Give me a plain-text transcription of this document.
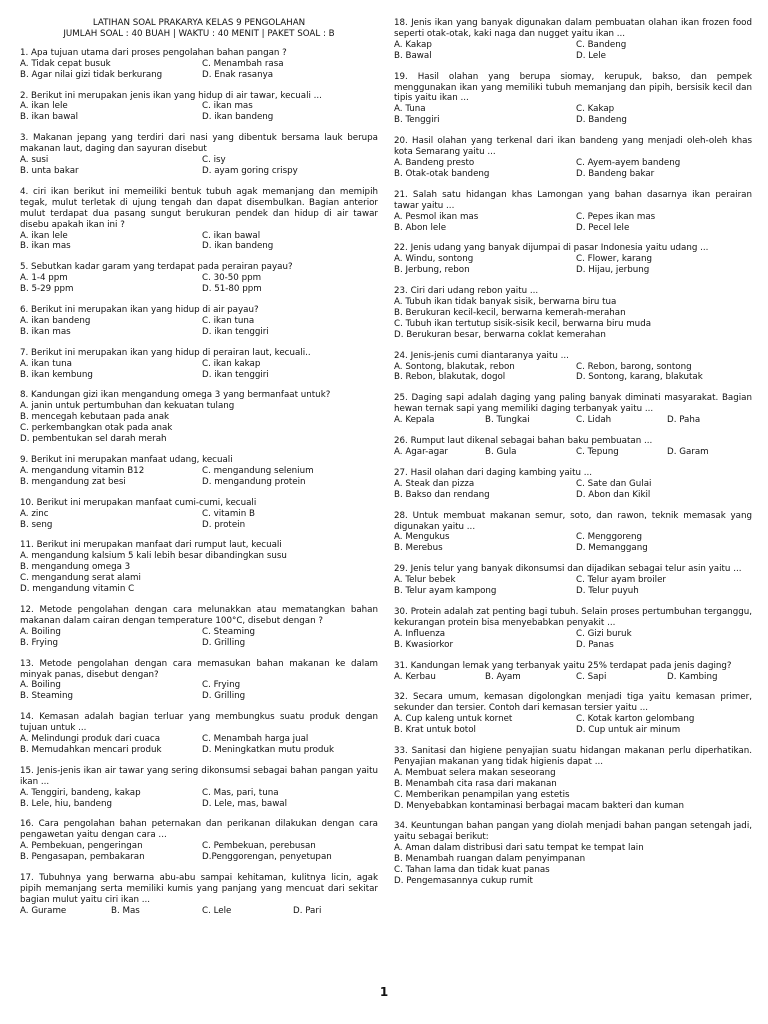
LATIHAN SOAL PRAKARYA KELAS 9 PENGOLAHAN
JUMLAH SOAL : 40 BUAH | WAKTU : 40 MENIT | PAKET SOAL : B
1. Apa tujuan utama dari proses pengolahan bahan pangan ?
A. Tidak cepat busuk	C. Menambah rasa
B. Agar nilai gizi tidak berkurang	D. Enak rasanya
2. Berikut ini merupakan jenis ikan yang hidup di air tawar, kecuali ...
A. ikan lele	C. ikan mas
B. ikan bawal	D. ikan bandeng
3. Makanan jepang yang terdiri dari nasi yang dibentuk bersama lauk berupa makanan laut, daging dan sayuran disebut
A. susi	C. isy
B. unta bakar	D. ayam goring crispy
4. ciri ikan berikut ini memeiliki bentuk tubuh agak memanjang dan memipih tegak, mulut terletak di ujung tengah dan dapat disembulkan. Bagian anterior mulut terdapat dua pasang sungut berukuran pendek dan hidup di air tawar disebu apakah ikan ini ?
A. ikan lele	C. ikan bawal
B. ikan mas	D. ikan bandeng
5. Sebutkan kadar garam yang terdapat pada perairan payau?
A. 1-4 ppm	C. 30-50 ppm
B. 5-29 ppm	D. 51-80 ppm
6. Berikut ini merupakan ikan yang hidup di air payau?
A. ikan bandeng	C. ikan tuna
B. ikan mas	D. ikan tenggiri
7. Berikut ini merupakan ikan yang hidup di perairan laut, kecuali..
A. ikan tuna	C. ikan kakap
B. ikan kembung	D. ikan tenggiri
8. Kandungan gizi ikan mengandung omega 3 yang bermanfaat untuk?
A. janin untuk pertumbuhan dan kekuatan tulang
B. mencegah kebutaan pada anak
C. perkembangkan otak pada anak
D. pembentukan sel darah merah
9. Berikut ini merupakan manfaat udang, kecuali
A. mengandung vitamin B12	C. mengandung selenium
B. mengandung zat besi	D. mengandung protein
10. Berikut ini merupakan manfaat cumi-cumi, kecuali
A. zinc	C. vitamin B
B. seng	D. protein
11. Berikut ini merupakan manfaat dari rumput laut, kecuali
A. mengandung kalsium 5 kali lebih besar dibandingkan susu
B. mengandung omega 3
C. mengandung serat alami
D. mengandung vitamin C
12. Metode pengolahan dengan cara melunakkan atau mematangkan bahan makanan dalam cairan dengan temperature 100°C, disebut dengan ?
A. Boiling	C. Steaming
B. Frying	D. Grilling
13. Metode pengolahan dengan cara memasukan bahan makanan ke dalam minyak panas, disebut dengan?
A. Boiling	C. Frying
B. Steaming	D. Grilling
14. Kemasan adalah bagian terluar yang membungkus suatu produk dengan tujuan untuk ...
A. Melindungi produk dari cuaca	C. Menambah harga jual
B. Memudahkan mencari produk	D. Meningkatkan mutu produk
15. Jenis-jenis ikan air tawar yang sering dikonsumsi sebagai bahan pangan yaitu ikan ...
A. Tenggiri, bandeng, kakap	C. Mas, pari, tuna
B. Lele, hiu, bandeng	D. Lele, mas, bawal
16. Cara pengolahan bahan peternakan dan perikanan dilakukan dengan cara pengawetan yaitu dengan cara ...
A. Pembekuan, pengeringan	C. Pembekuan, perebusan
B. Pengasapan, pembakaran	D.Penggorengan, penyetupan
17. Tubuhnya yang berwarna abu-abu sampai kehitaman, kulitnya licin, agak pipih memanjang serta memiliki kumis yang panjang yang mencuat dari sekitar bagian mulut yaitu ciri ikan ...
A. Gurame	B. Mas	C. Lele	D. Pari
18. Jenis ikan yang banyak digunakan dalam pembuatan olahan ikan frozen food seperti otak-otak, kaki naga dan nugget yaitu ikan ...
A. Kakap	C. Bandeng
B. Bawal	D. Lele
19. Hasil olahan yang berupa siomay, kerupuk, bakso, dan pempek menggunakan ikan yang memiliki tubuh memanjang dan pipih, bersisik kecil dan tipis yaitu ikan ...
A. Tuna	C. Kakap
B. Tenggiri	D. Bandeng
20. Hasil olahan yang terkenal dari ikan bandeng yang menjadi oleh-oleh khas kota Semarang yaitu ...
A. Bandeng presto	C. Ayem-ayem bandeng
B. Otak-otak bandeng	D. Bandeng bakar
21. Salah satu hidangan khas Lamongan yang bahan dasarnya ikan perairan tawar yaitu ...
A. Pesmol ikan mas	C. Pepes ikan mas
B. Abon lele	D. Pecel lele
22. Jenis udang yang banyak dijumpai di pasar Indonesia yaitu udang ...
A. Windu, sontong	C. Flower, karang
B. Jerbung, rebon	D. Hijau, jerbung
23. Ciri dari udang rebon yaitu ...
A. Tubuh ikan tidak banyak sisik, berwarna biru tua
B. Berukuran kecil-kecil, berwarna kemerah-merahan
C. Tubuh ikan tertutup sisik-sisik kecil, berwarna biru muda
D. Berukuran besar, berwarna coklat kemerahan
24. Jenis-jenis cumi diantaranya yaitu ...
A. Sontong, blakutak, rebon	C. Rebon, barong, sontong
B. Rebon, blakutak, dogol	D. Sontong, karang, blakutak
25. Daging sapi adalah daging yang paling banyak diminati masyarakat. Bagian hewan ternak sapi yang memiliki daging terbanyak yaitu ...
A. Kepala	B. Tungkai	C. Lidah	D. Paha
26. Rumput laut dikenal sebagai bahan baku pembuatan ...
A. Agar-agar	B. Gula	C. Tepung	D. Garam
27. Hasil olahan dari daging kambing yaitu ...
A. Steak dan pizza	C. Sate dan Gulai
B. Bakso dan rendang	D. Abon dan Kikil
28. Untuk membuat makanan semur, soto, dan rawon, teknik memasak yang digunakan yaitu ...
A. Mengukus	C. Menggoreng
B. Merebus	D. Memanggang
29. Jenis telur yang banyak dikonsumsi dan dijadikan sebagai telur asin yaitu ...
A. Telur bebek	C. Telur ayam broiler
B. Telur ayam kampong	D. Telur puyuh
30. Protein adalah zat penting bagi tubuh. Selain proses pertumbuhan terganggu, kekurangan protein bisa menyebabkan penyakit ...
A. Influenza	C. Gizi buruk
B. Kwasiorkor	D. Panas
31. Kandungan lemak yang terbanyak yaitu 25% terdapat pada jenis daging?
A. Kerbau	B. Ayam	C. Sapi	D. Kambing
32. Secara umum, kemasan digolongkan menjadi tiga yaitu kemasan primer, sekunder dan tersier. Contoh dari kemasan tersier yaitu ...
A. Cup kaleng untuk kornet	C. Kotak karton gelombang
B. Krat untuk botol	D. Cup untuk air minum
33. Sanitasi dan higiene penyajian suatu hidangan makanan perlu diperhatikan. Penyajian makanan yang tidak higienis dapat ...
A. Membuat selera makan seseorang
B. Menambah cita rasa dari makanan
C. Memberikan penampilan yang estetis
D. Menyebabkan kontaminasi berbagai macam bakteri dan kuman
34. Keuntungan bahan pangan yang diolah menjadi bahan pangan setengah jadi, yaitu sebagai berikut:
A. Aman dalam distribusi dari satu tempat ke tempat lain
B. Menambah ruangan dalam penyimpanan
C. Tahan lama dan tidak kuat panas
D. Pengemasannya cukup rumit
1
